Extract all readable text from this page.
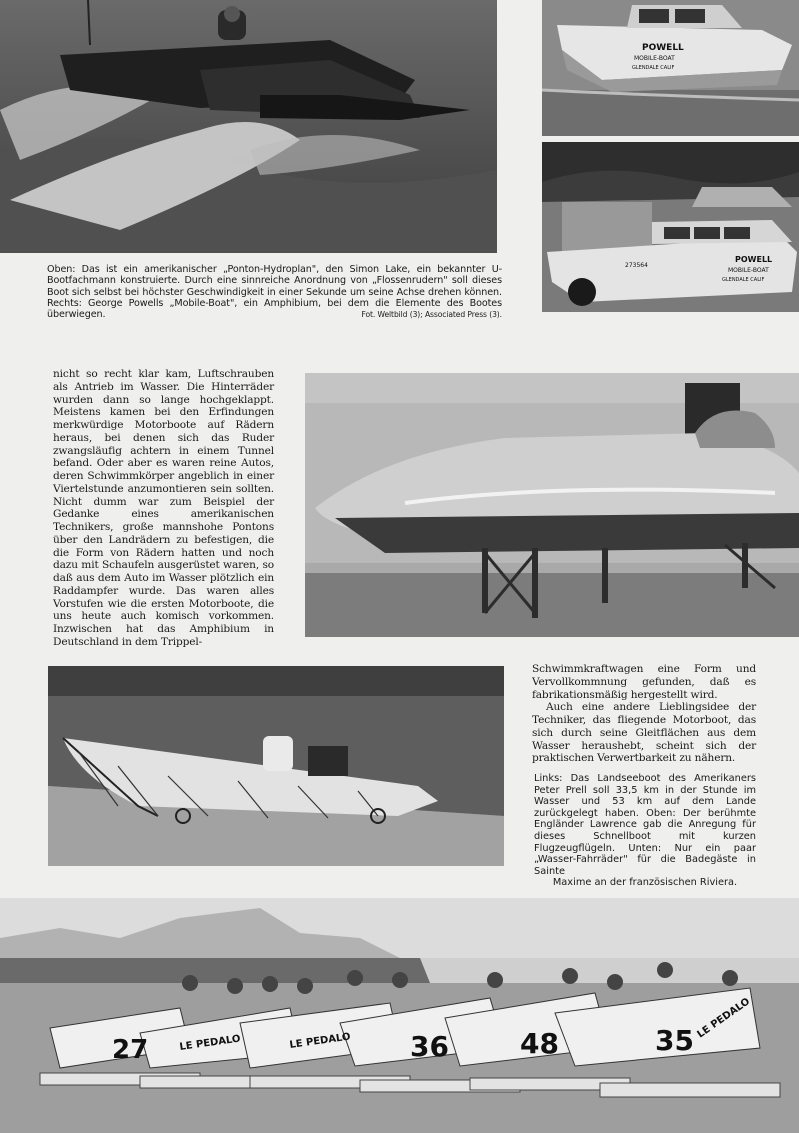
POWELL
MOBILE-BOAT
GLENDALE CALIF
POWELL
MOBILE-BOAT
GLENDALE CALIF
273564
Oben: Das ist ein amerikanischer „Ponton-Hydroplan", den Simon Lake, ein bekannter U-Bootfachmann konstruierte. Durch eine sinnreiche Anordnung von „Flossenrudern" soll dieses Boot sich selbst bei höchster Geschwindigkeit in einer Sekunde um seine Achse drehen können. Rechts: George Powells „Mobile-Boat", ein Amphibium, bei dem die Elemente des Bootes überwiegen.	Fot. Weltbild (3); Associated Press (3).

nicht so recht klar kam, Luftschrauben als Antrieb im Wasser. Die Hinterräder wurden dann so lange hochgeklappt. Meistens kamen bei den Erfindungen merkwürdige Motorboote auf Rädern heraus, bei denen sich das Ruder zwangsläufig achtern in einem Tunnel befand. Oder aber es waren reine Autos, deren Schwimmkörper angeblich in einer Viertelstunde anzumontieren sein sollten. Nicht dumm war zum Beispiel der Gedanke eines amerikanischen Technikers, große mannshohe Pontons über den Landrädern zu befestigen, die die Form von Rädern hatten und noch dazu mit Schaufeln ausgerüstet waren, so daß aus dem Auto im Wasser plötzlich ein Raddampfer wurde. Das waren alles Vorstufen wie die ersten Motorboote, die uns heute auch komisch vorkommen. Inzwischen hat das Amphibium in Deutschland in dem Trippel-

Schwimmkraftwagen eine Form und Vervollkommnung gefunden, daß es fabrikationsmäßig hergestellt wird.

Auch eine andere Lieblingsidee der Techniker, das fliegende Motorboot, das sich durch seine Gleitflächen aus dem Wasser heraushebt, scheint sich der praktischen Verwertbarkeit zu nähern.

Links: Das Landseeboot des Amerikaners Peter Prell soll 33,5 km in der Stunde im Wasser und 53 km auf dem Lande zurückgelegt haben. Oben: Der berühmte Engländer Lawrence gab die Anregung für dieses Schnellboot mit kurzen Flugzeugflügeln. Unten: Nur ein paar „Wasser-Fahrräder" für die Badegäste in Sainte
Maxime an der französischen Riviera.
27	36	48	35
LE PEDALO	LE PEDALO
LE PEDALO
